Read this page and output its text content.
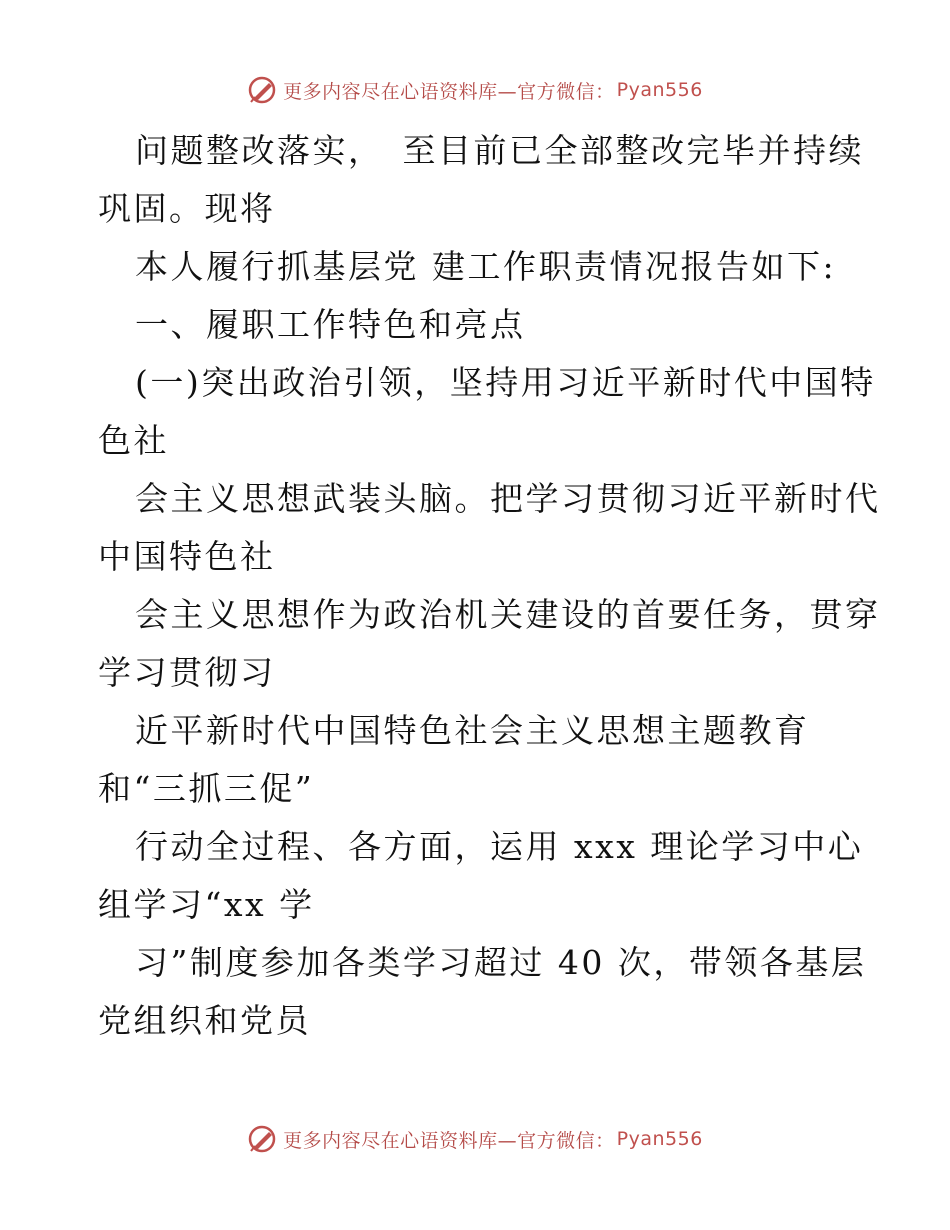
更多内容尽在心语资料库—官方微信： Pyan556
问题整改落实，　至目前已全部整改完毕并持续
巩固。现将
本人履行抓基层党 建工作职责情况报告如下:
一、履职工作特色和亮点
(一)突出政治引领，坚持用习近平新时代中国特
色社
会主义思想武装头脑。把学习贯彻习近平新时代
中国特色社
会主义思想作为政治机关建设的首要任务，贯穿
学习贯彻习
近平新时代中国特色社会主义思想主题教育
和“三抓三促”
行动全过程、各方面，运用 xxx 理论学习中心
组学习“xx 学
习”制度参加各类学习超过 40 次，带领各基层
党组织和党员
更多内容尽在心语资料库—官方微信： Pyan556
